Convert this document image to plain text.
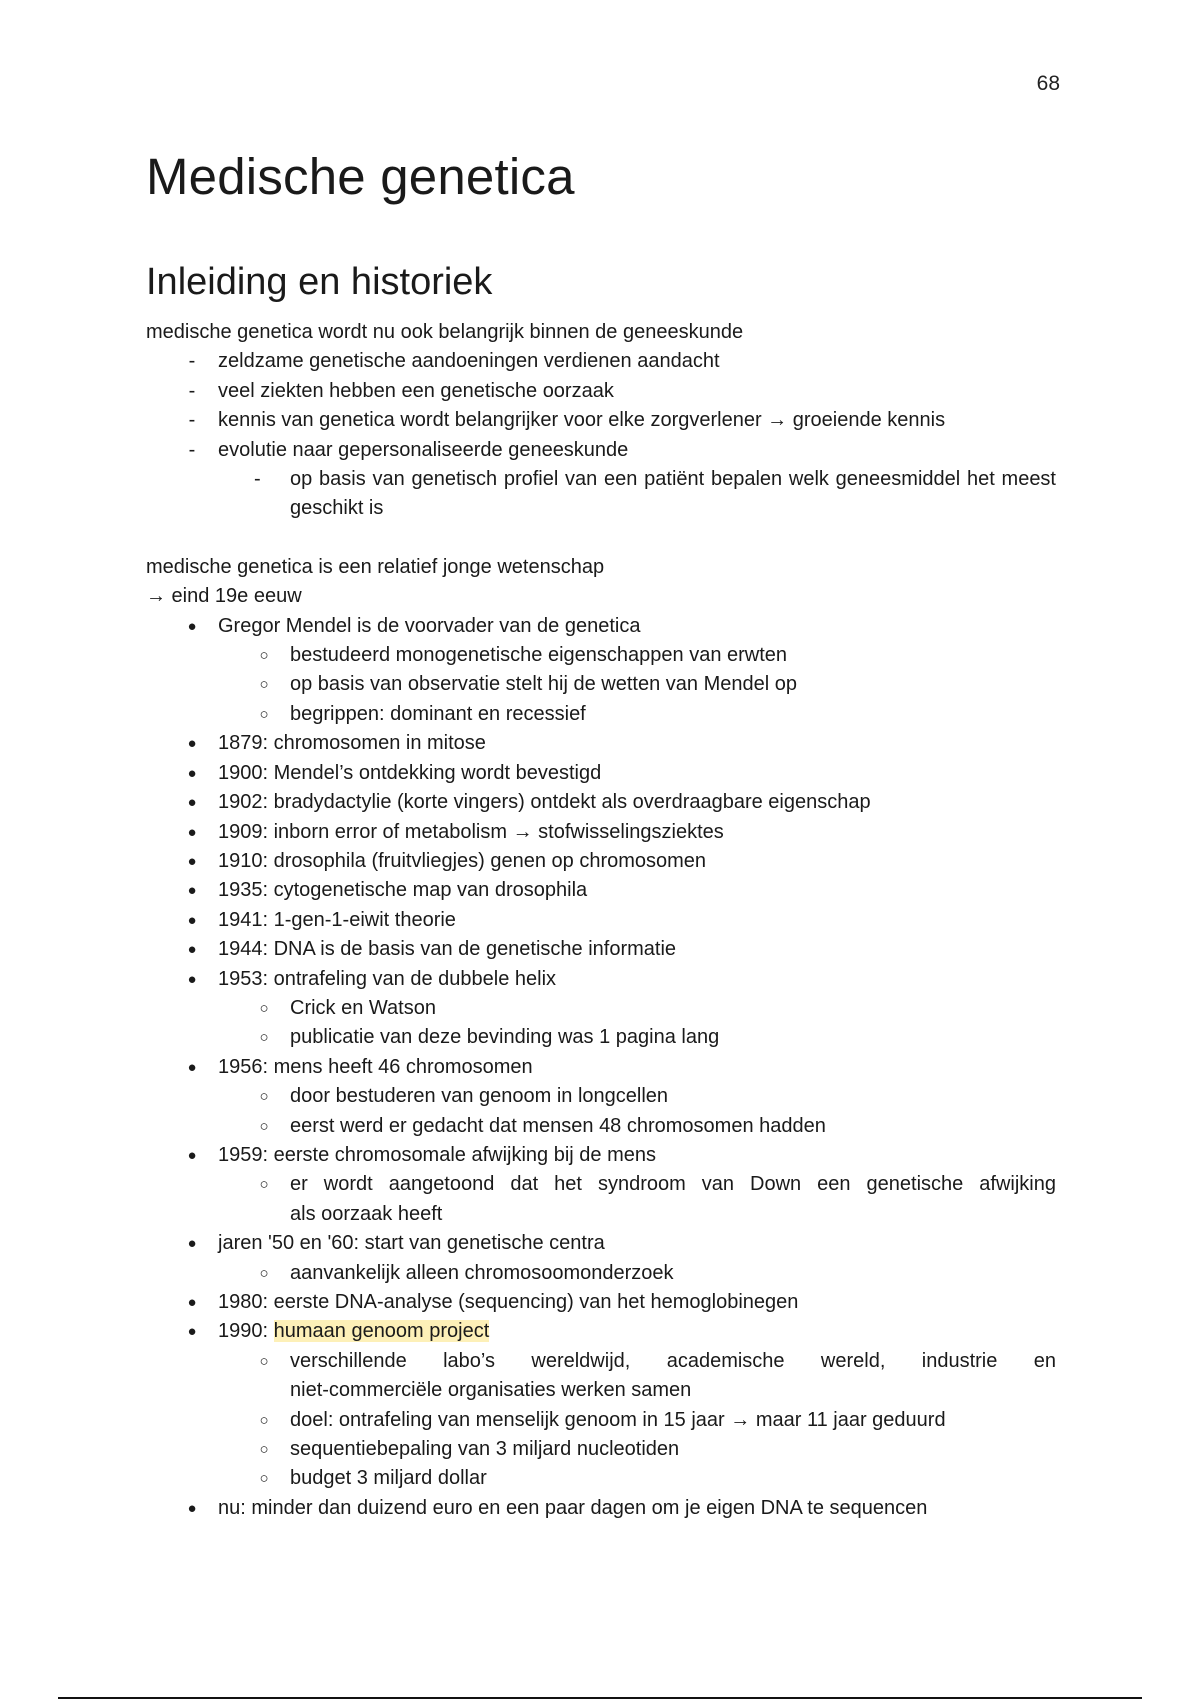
68
Medische genetica
Inleiding en historiek
medische genetica wordt nu ook belangrijk binnen de geneeskunde
-	zeldzame genetische aandoeningen verdienen aandacht
-	veel ziekten hebben een genetische oorzaak
-	kennis van genetica wordt belangrijker voor elke zorgverlener → groeiende kennis
-	evolutie naar gepersonaliseerde geneeskunde
-	op basis van genetisch profiel van een patiënt bepalen welk geneesmiddel het meest geschikt is
medische genetica is een relatief jonge wetenschap
→ eind 19e eeuw
● Gregor Mendel is de voorvader van de genetica
○ bestudeerd monogenetische eigenschappen van erwten
○ op basis van observatie stelt hij de wetten van Mendel op
○ begrippen: dominant en recessief
● 1879: chromosomen in mitose
● 1900: Mendel’s ontdekking wordt bevestigd
● 1902: bradydactylie (korte vingers) ontdekt als overdraagbare eigenschap
● 1909: inborn error of metabolism → stofwisselingsziektes
● 1910: drosophila (fruitvliegjes) genen op chromosomen
● 1935: cytogenetische map van drosophila
● 1941: 1-gen-1-eiwit theorie
● 1944: DNA is de basis van de genetische informatie
● 1953: ontrafeling van de dubbele helix
○ Crick en Watson
○ publicatie van deze bevinding was 1 pagina lang
● 1956: mens heeft 46 chromosomen
○ door bestuderen van genoom in longcellen
○ eerst werd er gedacht dat mensen 48 chromosomen hadden
● 1959: eerste chromosomale afwijking bij de mens
○ er wordt aangetoond dat het syndroom van Down een genetische afwijking
als oorzaak heeft
● jaren '50 en '60: start van genetische centra
○ aanvankelijk alleen chromosoomonderzoek
● 1980: eerste DNA-analyse (sequencing) van het hemoglobinegen
● 1990: humaan genoom project
○ verschillende labo’s wereldwijd, academische wereld, industrie en
niet-commerciële organisaties werken samen
○ doel: ontrafeling van menselijk genoom in 15 jaar → maar 11 jaar geduurd
○ sequentiebepaling van 3 miljard nucleotiden
○ budget 3 miljard dollar
● nu: minder dan duizend euro en een paar dagen om je eigen DNA te sequencen
